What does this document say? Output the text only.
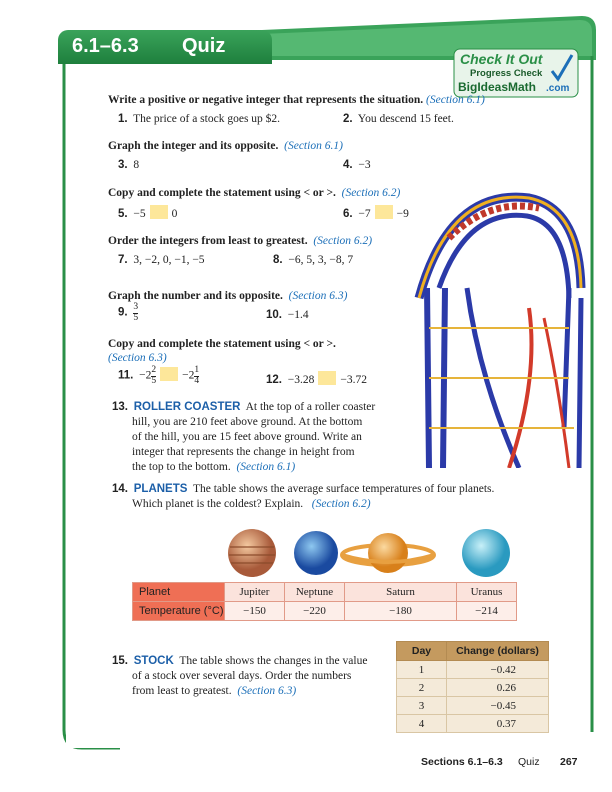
6.1–6.3 Quiz
Check It Out
Progress Check
BigIdeasMath .com
Write a positive or negative integer that represents the situation. (Section 6.1)
1. The price of a stock goes up $2.	2. You descend 15 feet.
Graph the integer and its opposite. (Section 6.1)
3. 8	4. −3
Copy and complete the statement using < or >. (Section 6.2)
5. −5 0	6. −7 −9
Order the integers from least to greatest. (Section 6.2)
7. 3, −2, 0, −1, −5	8. −6, 5, 3, −8, 7
Graph the number and its opposite. (Section 6.3)
9. $\frac{3}{5}$	10. −1.4
Copy and complete the statement using < or >.
(Section 6.3)
11. $-2 \frac{2}{5} -2 \frac{1}{4}$	12. −3.28 −3.72
13. ROLLER COASTER At the top of a roller coaster
hill, you are 210 feet above ground. At the bottom
of the hill, you are 15 feet above ground. Write an
integer that represents the change in height from
the top to the bottom. (Section 6.1)
14. PLANETS The table shows the average surface temperatures of four planets.
Which planet is the coldest? Explain. (Section 6.2)
Planet	Jupiter	Neptune	Saturn	Uranus
Temperature (°C)	−150	−220	−180	−214
15. STOCK The table shows the changes in the value
of a stock over several days. Order the numbers
from least to greatest. (Section 6.3)
Day	Change (dollars)
1	−0.42
2	0.26
3	−0.45
4	0.37
Sections 6.1–6.3 Quiz 267
